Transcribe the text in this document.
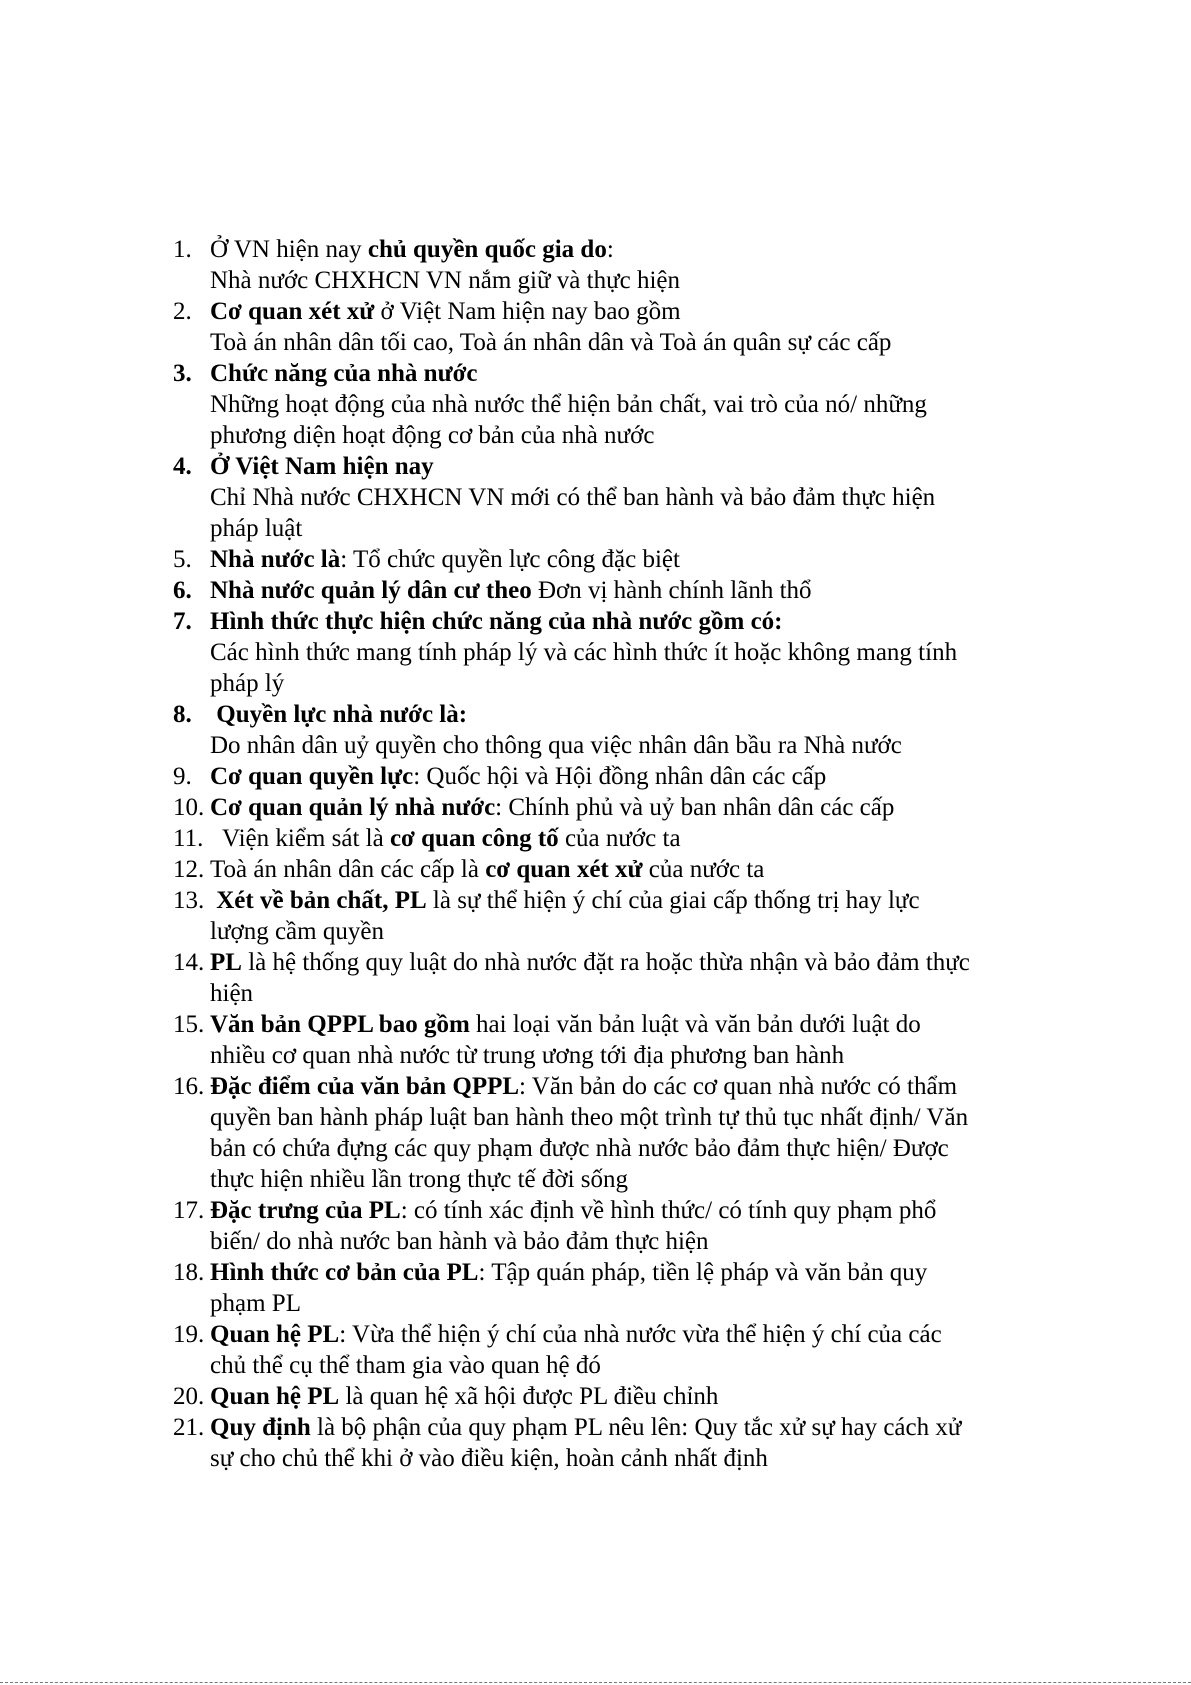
1. Ở VN hiện nay chủ quyền quốc gia do:
Nhà nước CHXHCN VN nắm giữ và thực hiện
2. Cơ quan xét xử ở Việt Nam hiện nay bao gồm
Toà án nhân dân tối cao, Toà án nhân dân và Toà án quân sự các cấp
3. Chức năng của nhà nước
Những hoạt động của nhà nước thể hiện bản chất, vai trò của nó/ những
phương diện hoạt động cơ bản của nhà nước
4. Ở Việt Nam hiện nay
Chỉ Nhà nước CHXHCN VN mới có thể ban hành và bảo đảm thực hiện
pháp luật
5. Nhà nước là: Tổ chức quyền lực công đặc biệt
6. Nhà nước quản lý dân cư theo Đơn vị hành chính lãnh thổ
7. Hình thức thực hiện chức năng của nhà nước gồm có:
Các hình thức mang tính pháp lý và các hình thức ít hoặc không mang tính
pháp lý
8. Quyền lực nhà nước là:
Do nhân dân uỷ quyền cho thông qua việc nhân dân bầu ra Nhà nước
9. Cơ quan quyền lực: Quốc hội và Hội đồng nhân dân các cấp
10. Cơ quan quản lý nhà nước: Chính phủ và uỷ ban nhân dân các cấp
11. Viện kiểm sát là cơ quan công tố của nước ta
12. Toà án nhân dân các cấp là cơ quan xét xử của nước ta
13. Xét về bản chất, PL là sự thể hiện ý chí của giai cấp thống trị hay lực
lượng cầm quyền
14. PL là hệ thống quy luật do nhà nước đặt ra hoặc thừa nhận và bảo đảm thực
hiện
15. Văn bản QPPL bao gồm hai loại văn bản luật và văn bản dưới luật do
nhiều cơ quan nhà nước từ trung ương tới địa phương ban hành
16. Đặc điểm của văn bản QPPL: Văn bản do các cơ quan nhà nước có thẩm
quyền ban hành pháp luật ban hành theo một trình tự thủ tục nhất định/ Văn
bản có chứa đựng các quy phạm được nhà nước bảo đảm thực hiện/ Được
thực hiện nhiều lần trong thực tế đời sống
17. Đặc trưng của PL: có tính xác định về hình thức/ có tính quy phạm phổ
biến/ do nhà nước ban hành và bảo đảm thực hiện
18. Hình thức cơ bản của PL: Tập quán pháp, tiền lệ pháp và văn bản quy
phạm PL
19. Quan hệ PL: Vừa thể hiện ý chí của nhà nước vừa thể hiện ý chí của các
chủ thể cụ thể tham gia vào quan hệ đó
20. Quan hệ PL là quan hệ xã hội được PL điều chỉnh
21. Quy định là bộ phận của quy phạm PL nêu lên: Quy tắc xử sự hay cách xử
sự cho chủ thể khi ở vào điều kiện, hoàn cảnh nhất định
